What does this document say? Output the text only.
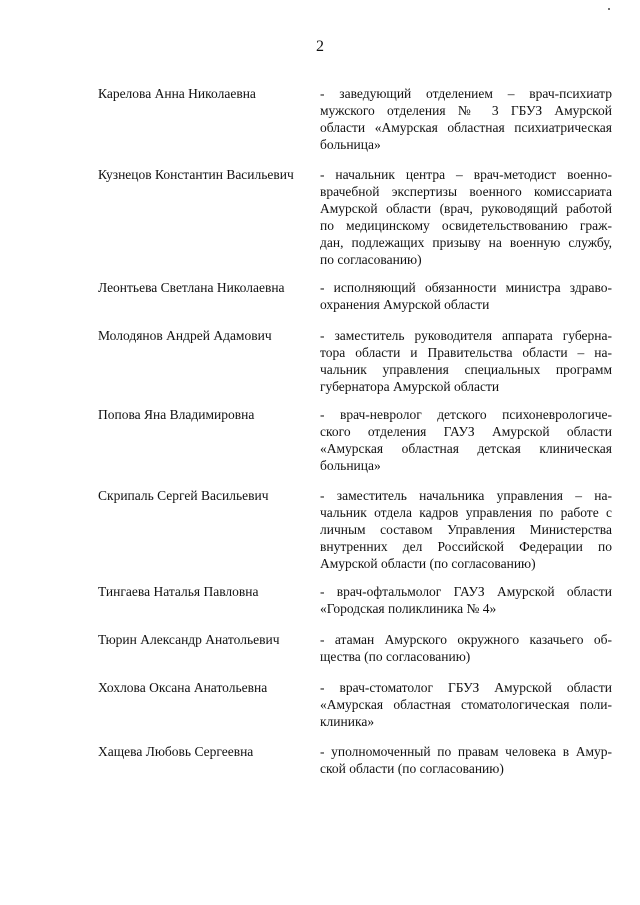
2
Карелова Анна Николаевна	- заведующий отделением – врач-психиатр
мужского отделения № 3 ГБУЗ Амурской
области «Амурская областная психиатрическая
больница»
Кузнецов Константин Васильевич	- начальник центра – врач-методист военно-
врачебной экспертизы военного комиссариата
Амурской области (врач, руководящий работой
по медицинскому освидетельствованию граж-
дан, подлежащих призыву на военную службу,
по согласованию)
Леонтьева Светлана Николаевна	- исполняющий обязанности министра здраво-
охранения Амурской области
Молодянов Андрей Адамович	- заместитель руководителя аппарата губерна-
тора области и Правительства области – на-
чальник управления специальных программ
губернатора Амурской области
Попова Яна Владимировна	- врач-невролог детского психоневрологиче-
ского отделения ГАУЗ Амурской области
«Амурская областная детская клиническая
больница»
Скрипаль Сергей Васильевич	- заместитель начальника управления – на-
чальник отдела кадров управления по работе с
личным составом Управления Министерства
внутренних дел Российской Федерации по
Амурской области (по согласованию)
Тингаева Наталья Павловна	- врач-офтальмолог ГАУЗ Амурской области
«Городская поликлиника № 4»
Тюрин Александр Анатольевич	- атаман Амурского окружного казачьего об-
щества (по согласованию)
Хохлова Оксана Анатольевна	- врач-стоматолог ГБУЗ Амурской области
«Амурская областная стоматологическая поли-
клиника»
Хащева Любовь Сергеевна	- уполномоченный по правам человека в Амур-
ской области (по согласованию)
